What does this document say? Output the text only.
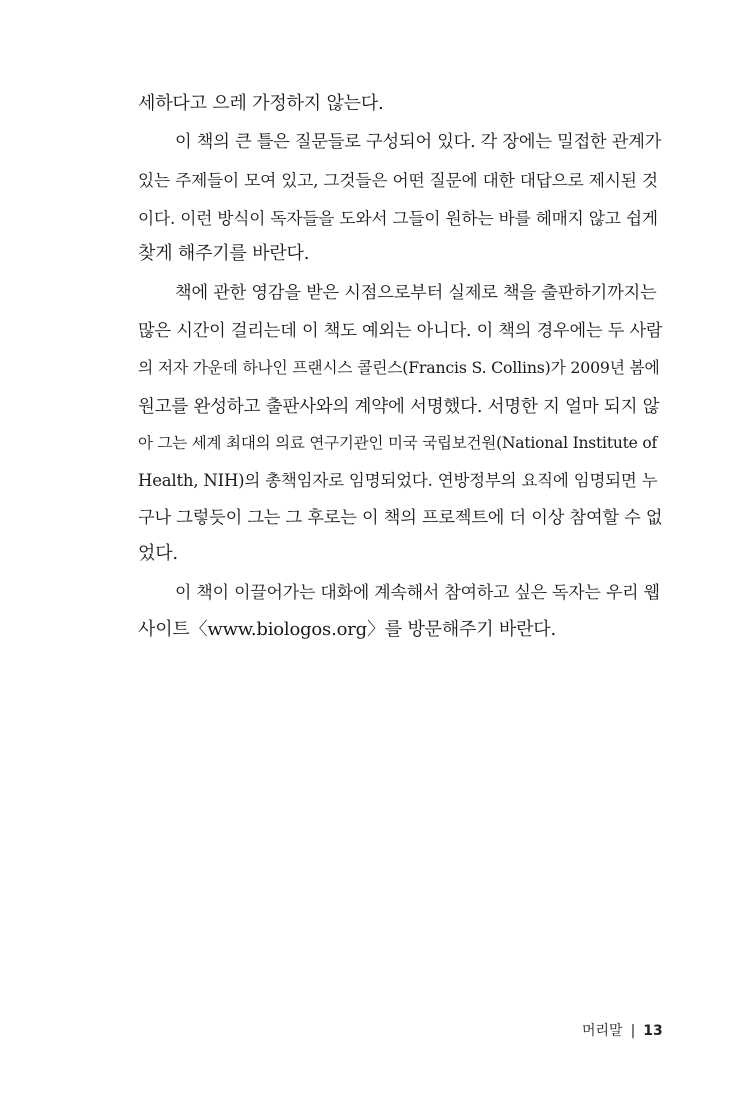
세하다고 으레 가정하지 않는다.
이 책의 큰 틀은 질문들로 구성되어 있다. 각 장에는 밀접한 관계가
있는 주제들이 모여 있고, 그것들은 어떤 질문에 대한 대답으로 제시된 것
이다. 이런 방식이 독자들을 도와서 그들이 원하는 바를 헤매지 않고 쉽게
찾게 해주기를 바란다.
책에 관한 영감을 받은 시점으로부터 실제로 책을 출판하기까지는
많은 시간이 걸리는데 이 책도 예외는 아니다. 이 책의 경우에는 두 사람
의 저자 가운데 하나인 프랜시스 콜린스(Francis S. Collins)가 2009년 봄에
원고를 완성하고 출판사와의 계약에 서명했다. 서명한 지 얼마 되지 않
아 그는 세계 최대의 의료 연구기관인 미국 국립보건원(National Institute of
Health, NIH)의 총책임자로 임명되었다. 연방정부의 요직에 임명되면 누
구나 그렇듯이 그는 그 후로는 이 책의 프로젝트에 더 이상 참여할 수 없
었다.
이 책이 이끌어가는 대화에 계속해서 참여하고 싶은 독자는 우리 웹
사이트〈www.biologos.org〉를 방문해주기 바란다.
머리말 | 13
